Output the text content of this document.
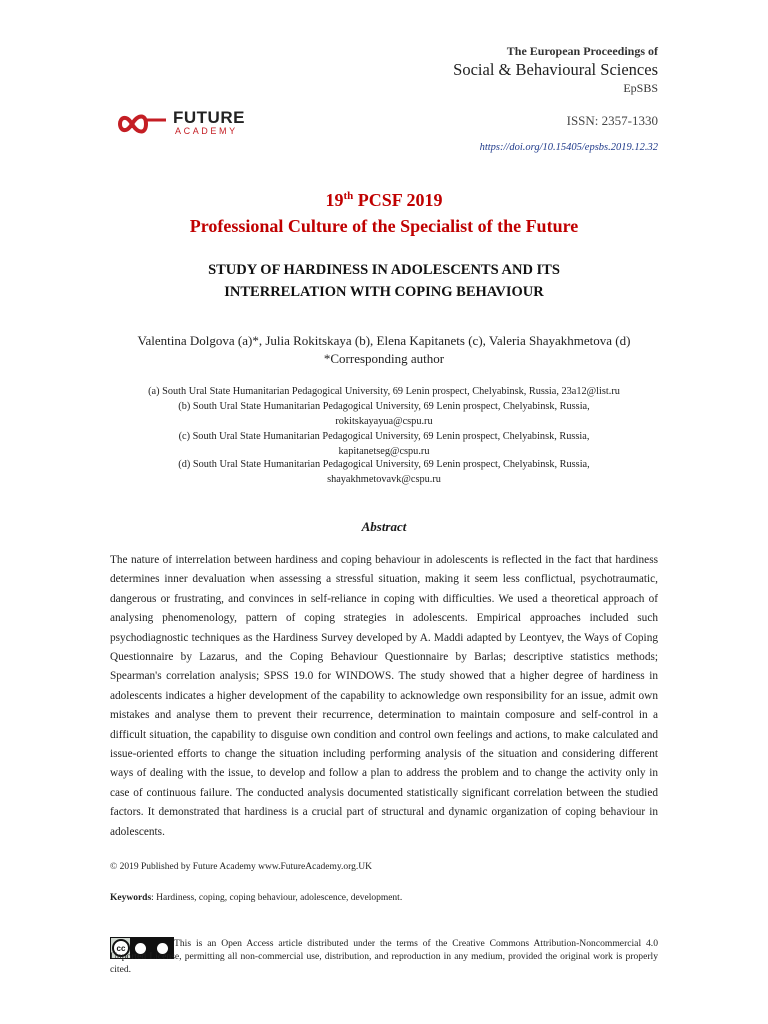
The European Proceedings of
Social & Behavioural Sciences
EpSBS
ISSN: 2357-1330
https://doi.org/10.15405/epsbs.2019.12.32
FUTURE
ACADEMY
19th PCSF 2019
Professional Culture of the Specialist of the Future
STUDY OF HARDINESS IN ADOLESCENTS AND ITS
INTERRELATION WITH COPING BEHAVIOUR
Valentina Dolgova (a)*, Julia Rokitskaya (b), Elena Kapitanets (c), Valeria Shayakhmetova (d)
*Corresponding author
(a) South Ural State Humanitarian Pedagogical University, 69 Lenin prospect, Chelyabinsk, Russia, 23a12@list.ru
(b) South Ural State Humanitarian Pedagogical University, 69 Lenin prospect, Chelyabinsk, Russia,
rokitskayayua@cspu.ru
(c) South Ural State Humanitarian Pedagogical University, 69 Lenin prospect, Chelyabinsk, Russia,
kapitanetseg@cspu.ru
(d) South Ural State Humanitarian Pedagogical University, 69 Lenin prospect, Chelyabinsk, Russia,
shayakhmetovavk@cspu.ru
Abstract
The nature of interrelation between hardiness and coping behaviour in adolescents is reflected in the fact that hardiness determines inner devaluation when assessing a stressful situation, making it seem less conflictual, psychotraumatic, dangerous or frustrating, and convinces in self-reliance in coping with difficulties. We used a theoretical approach of analysing phenomenology, pattern of coping strategies in adolescents. Empirical approaches included such psychodiagnostic techniques as the Hardiness Survey developed by A. Maddi adapted by Leontyev, the Ways of Coping Questionnaire by Lazarus, and the Coping Behaviour Questionnaire by Barlas; descriptive statistics methods; Spearman's correlation analysis; SPSS 19.0 for WINDOWS. The study showed that a higher degree of hardiness in adolescents indicates a higher development of the capability to acknowledge own responsibility for an issue, admit own mistakes and analyse them to prevent their recurrence, determination to maintain composure and self-control in a difficult situation, the capability to disguise own condition and control own feelings and actions, to make calculated and issue-oriented efforts to change the situation including performing analysis of the situation and considering different ways of dealing with the issue, to develop and follow a plan to address the problem and to change the activity only in case of continuous failure. The conducted analysis documented statistically significant correlation between the studied factors. It demonstrated that hardiness is a crucial part of structural and dynamic organization of coping behaviour in adolescents.
© 2019 Published by Future Academy www.FutureAcademy.org.UK
Keywords: Hardiness, coping, coping behaviour, adolescence, development.
cc	This is an Open Access article distributed under the terms of the Creative Commons Attribution-Noncommercial 4.0 Unported License, permitting all non-commercial use, distribution, and reproduction in any medium, provided the original work is properly cited.
